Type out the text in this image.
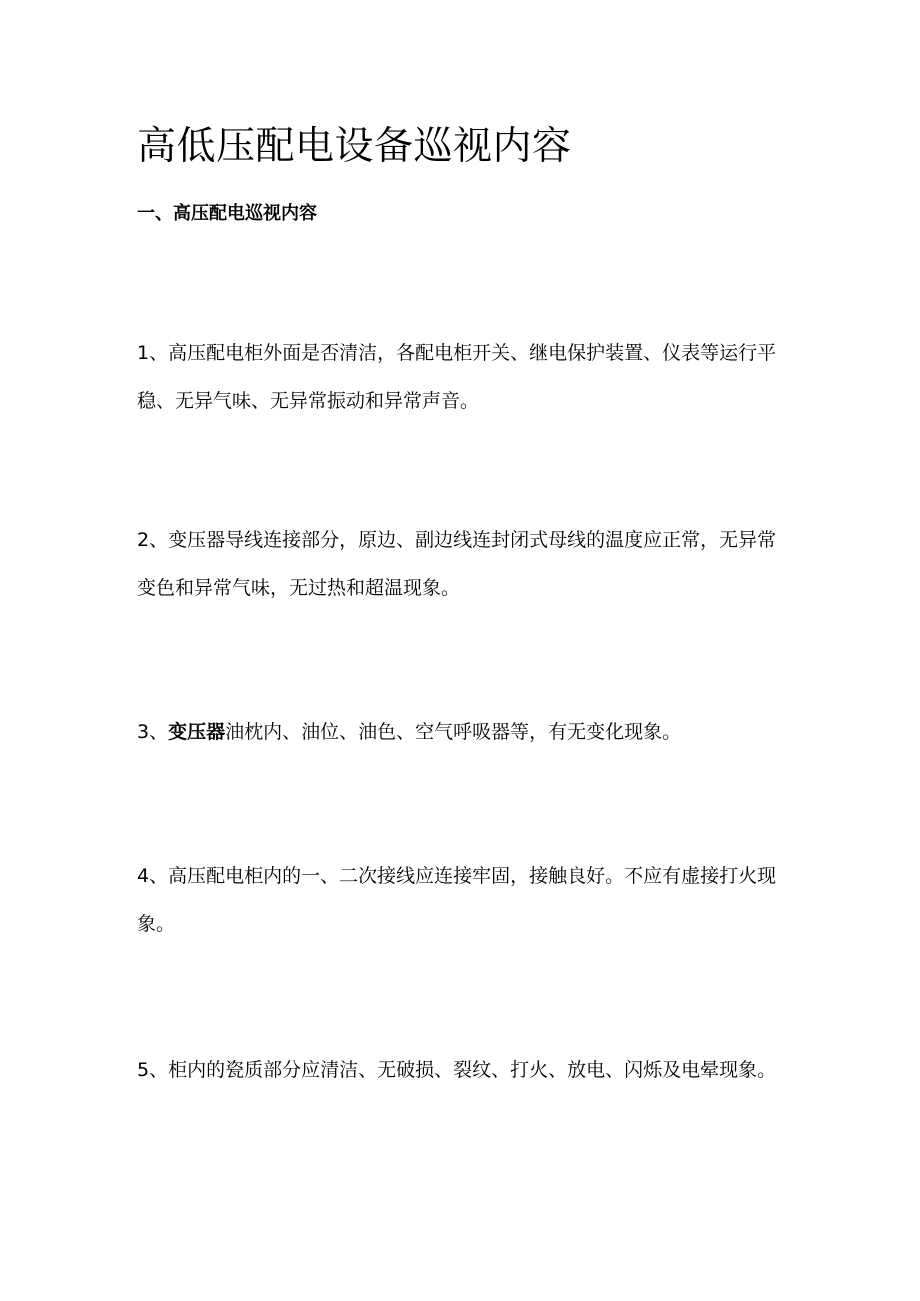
高低压配电设备巡视内容
一、高压配电巡视内容

1、高压配电柜外面是否清洁，各配电柜开关、继电保护装置、仪表等运行平稳、无异气味、无异常振动和异常声音。

2、变压器导线连接部分，原边、副边线连封闭式母线的温度应正常，无异常变色和异常气味，无过热和超温现象。

3、变压器油枕内、油位、油色、空气呼吸器等，有无变化现象。

4、高压配电柜内的一、二次接线应连接牢固，接触良好。不应有虚接打火现象。

5、柜内的瓷质部分应清洁、无破损、裂纹、打火、放电、闪烁及电晕现象。
